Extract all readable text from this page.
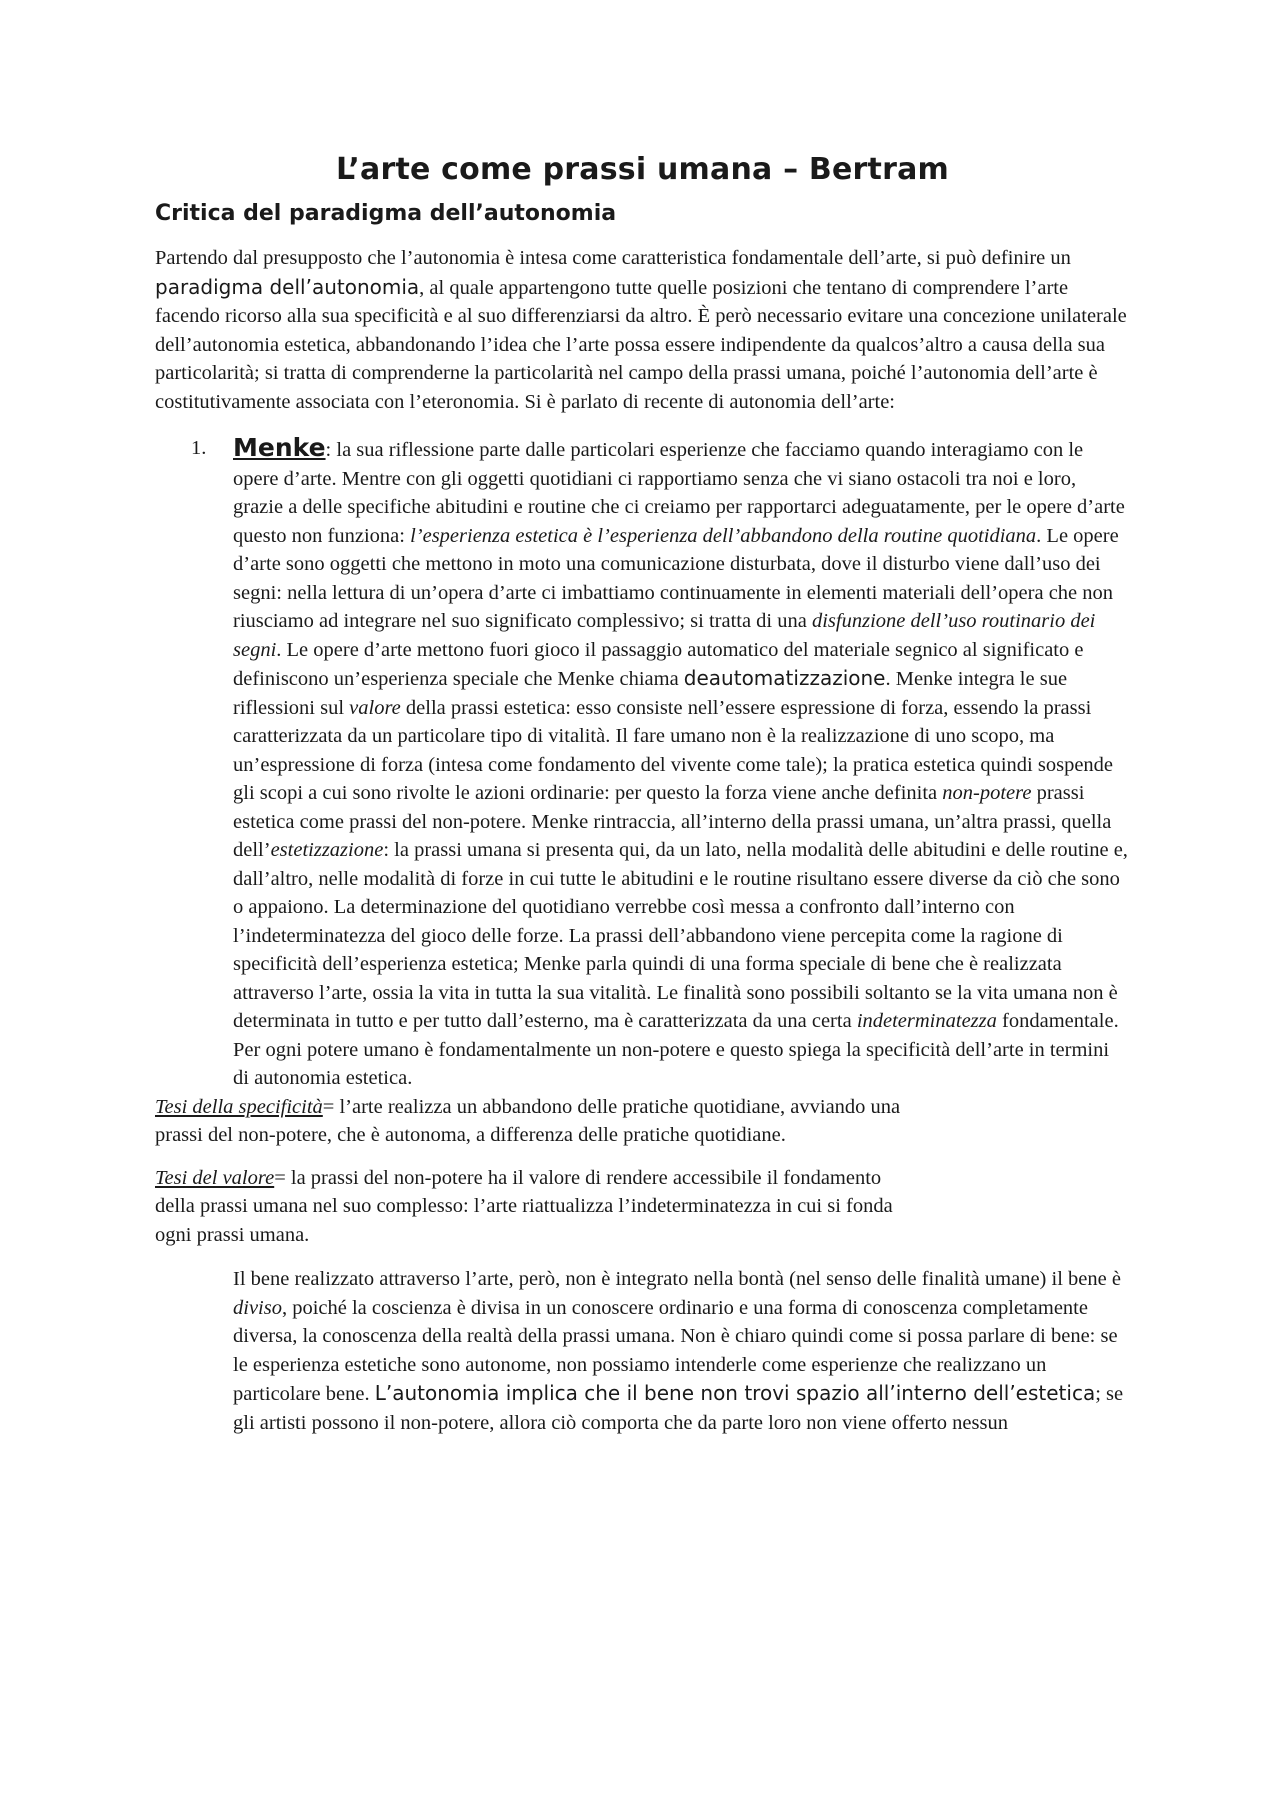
L’arte come prassi umana – Bertram
Critica del paradigma dell’autonomia

Partendo dal presupposto che l’autonomia è intesa come caratteristica fondamentale dell’arte, si può definire un paradigma dell’autonomia, al quale appartengono tutte quelle posizioni che tentano di comprendere l’arte facendo ricorso alla sua specificità e al suo differenziarsi da altro. È però necessario evitare una concezione unilaterale dell’autonomia estetica, abbandonando l’idea che l’arte possa essere indipendente da qualcos’altro a causa della sua particolarità; si tratta di comprenderne la particolarità nel campo della prassi umana, poiché l’autonomia dell’arte è costitutivamente associata con l’eteronomia. Si è parlato di recente di autonomia dell’arte:

1. Menke: la sua riflessione parte dalle particolari esperienze che facciamo quando interagiamo con le opere d’arte. Mentre con gli oggetti quotidiani ci rapportiamo senza che vi siano ostacoli tra noi e loro, grazie a delle specifiche abitudini e routine che ci creiamo per rapportarci adeguatamente, per le opere d’arte questo non funziona: l’esperienza estetica è l’esperienza dell’abbandono della routine quotidiana. Le opere d’arte sono oggetti che mettono in moto una comunicazione disturbata, dove il disturbo viene dall’uso dei segni: nella lettura di un’opera d’arte ci imbattiamo continuamente in elementi materiali dell’opera che non riusciamo ad integrare nel suo significato complessivo; si tratta di una disfunzione dell’uso routinario dei segni. Le opere d’arte mettono fuori gioco il passaggio automatico del materiale segnico al significato e definiscono un’esperienza speciale che Menke chiama deautomatizzazione. Menke integra le sue riflessioni sul valore della prassi estetica: esso consiste nell’essere espressione di forza, essendo la prassi caratterizzata da un particolare tipo di vitalità. Il fare umano non è la realizzazione di uno scopo, ma un’espressione di forza (intesa come fondamento del vivente come tale); la pratica estetica quindi sospende gli scopi a cui sono rivolte le azioni ordinarie: per questo la forza viene anche definita non-potere prassi estetica come prassi del non-potere. Menke rintraccia, all’interno della prassi umana, un’altra prassi, quella dell’estetizzazione: la prassi umana si presenta qui, da un lato, nella modalità delle abitudini e delle routine e, dall’altro, nelle modalità di forze in cui tutte le abitudini e le routine risultano essere diverse da ciò che sono o appaiono. La determinazione del quotidiano verrebbe così messa a confronto dall’interno con l’indeterminatezza del gioco delle forze. La prassi dell’abbandono viene percepita come la ragione di specificità dell’esperienza estetica; Menke parla quindi di una forma speciale di bene che è realizzata attraverso l’arte, ossia la vita in tutta la sua vitalità. Le finalità sono possibili soltanto se la vita umana non è determinata in tutto e per tutto dall’esterno, ma è caratterizzata da una certa indeterminatezza fondamentale. Per ogni potere umano è fondamentalmente un non-potere e questo spiega la specificità dell’arte in termini di autonomia estetica.

Tesi della specificità= l’arte realizza un abbandono delle pratiche quotidiane, avviando una prassi del non-potere, che è autonoma, a differenza delle pratiche quotidiane.

Tesi del valore= la prassi del non-potere ha il valore di rendere accessibile il fondamento della prassi umana nel suo complesso: l’arte riattualizza l’indeterminatezza in cui si fonda ogni prassi umana.

Il bene realizzato attraverso l’arte, però, non è integrato nella bontà (nel senso delle finalità umane) il bene è diviso, poiché la coscienza è divisa in un conoscere ordinario e una forma di conoscenza completamente diversa, la conoscenza della realtà della prassi umana. Non è chiaro quindi come si possa parlare di bene: se le esperienza estetiche sono autonome, non possiamo intenderle come esperienze che realizzano un particolare bene. L’autonomia implica che il bene non trovi spazio all’interno dell’estetica; se gli artisti possono il non-potere, allora ciò comporta che da parte loro non viene offerto nessun
